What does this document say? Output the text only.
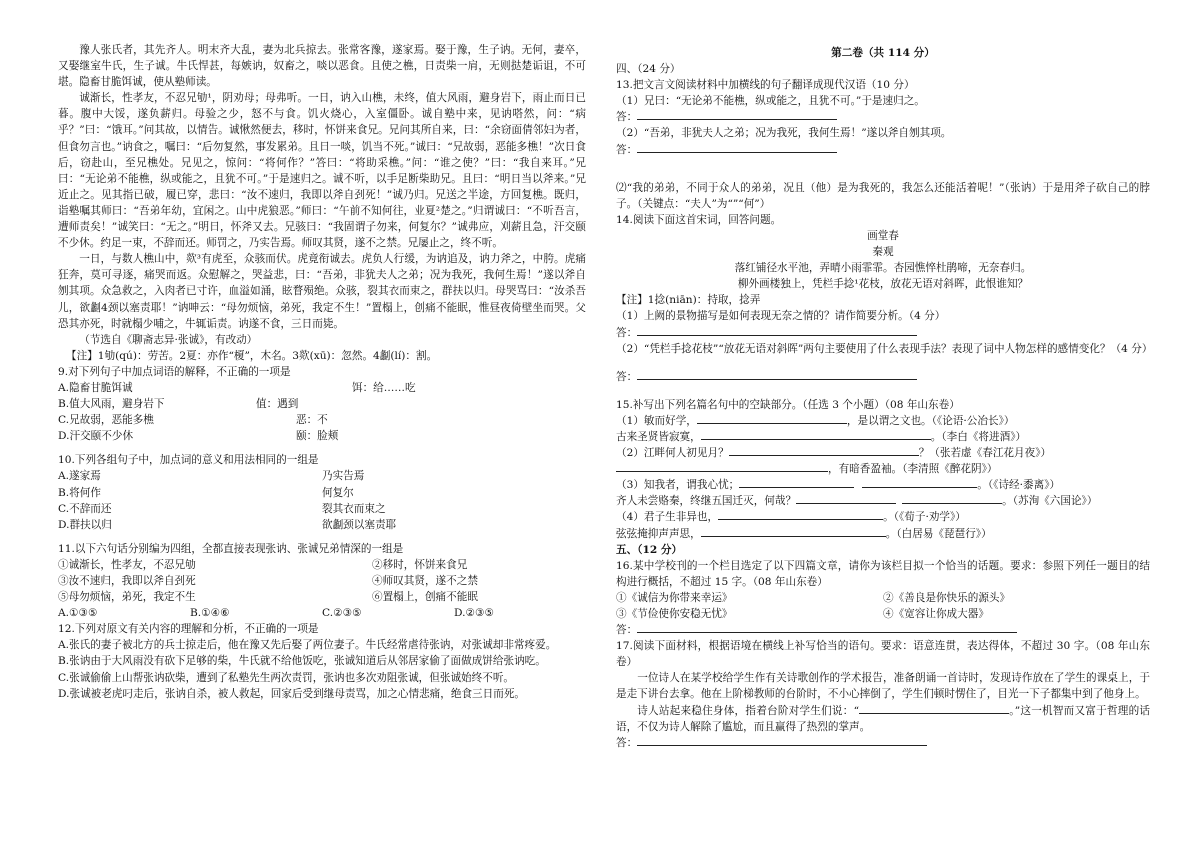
豫人张氏者，其先齐人。明末齐大乱，妻为北兵掠去。张常客豫，遂家焉。娶于豫，生子讷。无何，妻卒，又娶继室牛氏，生子诚。牛氏悍甚，每嫉讷，奴畜之，啖以恶食。且使之樵，日责柴一肩，无则挞楚诟诅，不可堪。隐畜甘脆饵诚，使从塾师读。

诚渐长，性孝友，不忍兄劬¹，阴劝母；母弗听。一日，讷入山樵，未终，值大风雨，避身岩下，雨止而日已暮。腹中大馁，遂负薪归。母验之少，怒不与食。饥火烧心，入室僵卧。诚自塾中来，见讷嗒然，问：“病乎？”曰：“饿耳。”问其故，以情告。诚愀然便去，移时，怀饼来食兄。兄问其所自来，曰：“余窃面倩邻妇为者，但食勿言也。”讷食之，嘱曰：“后勿复然，事发累弟。且日一啖，饥当不死。”诚曰：“兄故弱，恶能多樵！”次日食后，窃赴山，至兄樵处。兄见之，惊问：“将何作？”答曰：“将助采樵。”问：“谁之使？”曰：“我自来耳。”兄曰：“无论弟不能樵，纵或能之，且犹不可。”于是速归之。诚不听，以手足断柴助兄。且曰：“明日当以斧来。”兄近止之。见其指已破，履已穿，悲曰：“汝不速归，我即以斧自刭死！”诚乃归。兄送之半途，方回复樵。既归，诣塾嘱其师曰：“吾弟年幼，宜闲之。山中虎狼恶。”师曰：“午前不知何往，业夏²楚之。”归谓诚曰：“不听吾言，遭师责矣！”诚笑曰：“无之。”明日，怀斧又去。兄骇曰：“我固谓子勿来，何复尔？”诚弗应，刈薪且急，汗交颐不少休。约足一束，不辞而还。师罚之，乃实告焉。师叹其贤，遂不之禁。兄屡止之，终不听。

一日，与数人樵山中，欻³有虎至，众骇而伏。虎竟衔诚去。虎负人行缓，为讷追及，讷力斧之，中胯。虎痛狂奔，莫可寻逐，痛哭而返。众慰解之，哭益悲，曰：“吾弟，非犹夫人之弟；况为我死，我何生焉！”遂以斧自刎其项。众急救之，入肉者已寸许，血溢如涌，眩瞀殒绝。众骇，裂其衣而束之，群扶以归。母哭骂曰：“汝杀吾儿，欲劙4颈以塞责耶！”讷呻云：“母勿烦恼，弟死，我定不生！”置榻上，创痛不能眠，惟昼夜倚壁坐而哭。父恐其亦死，时就榻少哺之，牛辄诟责。讷遂不食，三日而毙。

（节选自《聊斋志异·张诚》，有改动）

【注】1劬(qú)：劳苦。2夏：亦作“榎”，木名。3欻(xū)：忽然。4劙(lí)：割。

9.对下列句子中加点词语的解释，不正确的一项是

A.隐畜甘脆饵诚	饵：给……吃
B.值大风雨，避身岩下	值：遇到
C.兄故弱，恶能多樵	恶：不
D.汗交颐不少休	颐：脸颊

10.下列各组句子中，加点词的意义和用法相同的一组是

A.遂家焉	乃实告焉
B.将何作	何复尔
C.不辞而还	裂其衣而束之
D.群扶以归	欲劙颈以塞责耶

11.以下六句话分别编为四组，全都直接表现张讷、张诚兄弟情深的一组是

①诚渐长，性孝友，不忍兄劬	②移时，怀饼来食兄
③汝不速归，我即以斧自刭死	④师叹其贤，遂不之禁
⑤母勿烦恼，弟死，我定不生	⑥置榻上，创痛不能眠
A.①③⑤	B.①④⑥	C.②③⑤	D.②③⑤

12.下列对原文有关内容的理解和分析，不正确的一项是

A.张氏的妻子被北方的兵士掠走后，他在豫又先后娶了两位妻子。牛氏经常虐待张讷，对张诚却非常疼爱。

B.张讷由于大风雨没有砍下足够的柴，牛氏就不给他饭吃，张诚知道后从邻居家偷了面做成饼给张讷吃。

C.张诚偷偷上山帮张讷砍柴，遭到了私塾先生两次责罚，张讷也多次劝阻张诚，但张诚始终不听。

D.张诚被老虎叼走后，张讷自杀，被人救起，回家后受到继母责骂，加之心情悲痛，绝食三日而死。

第二卷（共 114 分）

四、（24 分）

13.把文言文阅读材料中加横线的句子翻译成现代汉语（10 分）

（1）兄曰：“无论弟不能樵，纵或能之，且犹不可。”于是速归之。

答：

（2）“吾弟，非犹夫人之弟；况为我死，我何生焉！”遂以斧自刎其项。

答：

⑵“我的弟弟，不同于众人的弟弟，况且（他）是为我死的，我怎么还能活着呢！”（张讷）于是用斧子砍自己的脖子。（关键点：“夫人”为“”“何”）

14.阅读下面这首宋词，回答问题。

画堂春

秦观

落红铺径水平池，弄晴小雨霏霏。杏园憔悴杜鹃啼，无奈春归。

柳外画楼独上，凭栏手捻¹花枝，放花无语对斜晖，此恨谁知？

【注】1捻(niān)：持取，捻弄

（1）上阙的景物描写是如何表现无奈之情的？请作简要分析。（4 分）

答：

（2）“凭栏手捻花枝”“放花无语对斜晖”两句主要使用了什么表现手法？表现了词中人物怎样的感情变化？（4 分）

答：

15.补写出下列名篇名句中的空缺部分。（任选 3 个小题）（08 年山东卷）

（1）敏而好学，	，是以谓之文也。（《论语·公冶长》）

古来圣贤皆寂寞，	。（李白《将进酒》）

（2）江畔何人初见月？	？（张若虚《春江花月夜》）

，有暗香盈袖。（李清照《醉花阴》）

（3）知我者，谓我心忧；	。（《诗经·黍离》）

齐人未尝赂秦，终继五国迁灭，何哉？	。（苏洵《六国论》）

（4）君子生非异也，	。（《荀子·劝学》）

弦弦掩抑声声思，	。（白居易《琵琶行》）

五、（12 分）

16.某中学校刊的一个栏目选定了以下四篇文章，请你为该栏目拟一个恰当的话题。要求：参照下列任一题目的结构进行概括，不超过 15 字。（08 年山东卷）

①《诚信为你带来幸运》	②《善良是你快乐的源头》
③《节俭使你安稳无忧》	④《宽容让你成大器》

答：

17.阅读下面材料，根据语境在横线上补写恰当的语句。要求：语意连贯，表达得体，不超过 30 字。（08 年山东卷）

一位诗人在某学校给学生作有关诗歌创作的学术报告，准备朗诵一首诗时，发现诗作放在了学生的课桌上，于是走下讲台去拿。他在上阶梯教师的台阶时，不小心摔倒了，学生们顿时愣住了，目光一下子都集中到了他身上。

诗人站起来稳住身体，指着台阶对学生们说：“	。”这一机智而又富于哲理的话语，不仅为诗人解除了尴尬，而且赢得了热烈的掌声。

答：
